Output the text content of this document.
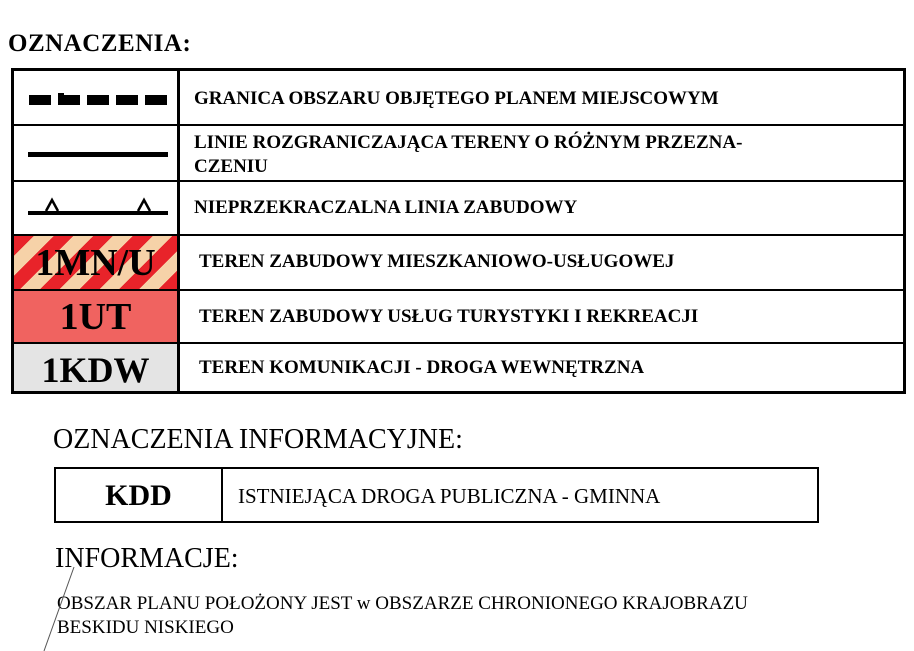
OZNACZENIA:
GRANICA OBSZARU OBJĘTEGO PLANEM MIEJSCOWYM
LINIE ROZGRANICZAJĄCA TERENY O RÓŻNYM PRZEZNA-
CZENIU
NIEPRZEKRACZALNA LINIA ZABUDOWY
1MN/U	TEREN ZABUDOWY MIESZKANIOWO-USŁUGOWEJ
1UT	TEREN ZABUDOWY USŁUG TURYSTYKI I REKREACJI
1KDW	TEREN KOMUNIKACJI - DROGA WEWNĘTRZNA
OZNACZENIA INFORMACYJNE:
KDD	ISTNIEJĄCA DROGA PUBLICZNA - GMINNA
INFORMACJE:
OBSZAR PLANU POŁOŻONY JEST w OBSZARZE CHRONIONEGO KRAJOBRAZU
BESKIDU NISKIEGO
